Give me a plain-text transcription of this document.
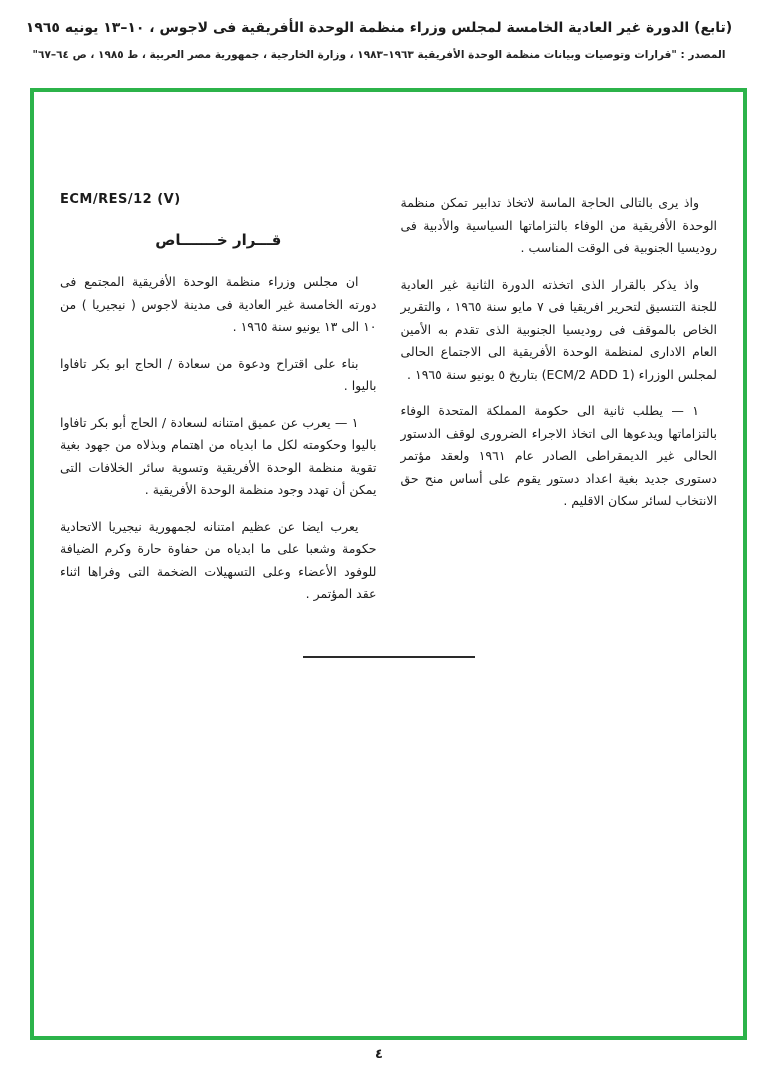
(تابع) الدورة غير العادية الخامسة لمجلس وزراء منظمة الوحدة الأفريقية فى لاجوس ، ١٠–١٣ يونيه ١٩٦٥
المصدر : "قرارات وتوصيات وبيانات منظمة الوحدة الأفريقية ١٩٦٣–١٩٨٣ ، وزارة الخارجية ، جمهورية مصر العربية ، ط ١٩٨٥ ، ص ٦٤–٦٧"

واذ يرى بالتالى الحاجة الماسة لاتخاذ تدابير تمكن منظمة الوحدة الأفريقية من الوفاء بالتزاماتها السياسية والأدبية فى روديسيا الجنوبية فى الوقت المناسب .

واذ يذكر بالقرار الذى اتخذته الدورة الثانية غير العادية للجنة التنسيق لتحرير افريقيا فى ٧ مايو سنة ١٩٦٥ ، والتقرير الخاص بالموقف فى روديسيا الجنوبية الذى تقدم به الأمين العام الادارى لمنظمة الوحدة الأفريقية الى الاجتماع الحالى لمجلس الوزراء (ECM/2 ADD 1) بتاريخ ٥ يونيو سنة ١٩٦٥ .

١ — يطلب ثانية الى حكومة المملكة المتحدة الوفاء بالتزاماتها ويدعوها الى اتخاذ الاجراء الضرورى لوقف الدستور الحالى غير الديمقراطى الصادر عام ١٩٦١ ولعقد مؤتمر دستورى جديد بغية اعداد دستور يقوم على أساس منح حق الانتخاب لسائر سكان الاقليم .

ECM/RES/12 (V)
قـــرار خـــــــاص

ان مجلس وزراء منظمة الوحدة الأفريقية المجتمع فى دورته الخامسة غير العادية فى مدينة لاجوس ( نيجيريا ) من ١٠ الى ١٣ يونيو سنة ١٩٦٥ .

بناء على اقتراح ودعوة من سعادة / الحاج ابو بكر تافاوا باليوا .

١ — يعرب عن عميق امتنانه لسعادة / الحاج أبو بكر تافاوا باليوا وحكومته لكل ما ابدياه من اهتمام وبذلاه من جهود بغية تقوية منظمة الوحدة الأفريقية وتسوية سائر الخلافات التى يمكن أن تهدد وجود منظمة الوحدة الأفريقية .

يعرب ايضا عن عظيم امتنانه لجمهورية نيجيريا الاتحادية حكومة وشعبا على ما ابدياه من حفاوة حارة وكرم الضيافة للوفود الأعضاء وعلى التسهيلات الضخمة التى وفراها اثناء عقد المؤتمر .

٤
